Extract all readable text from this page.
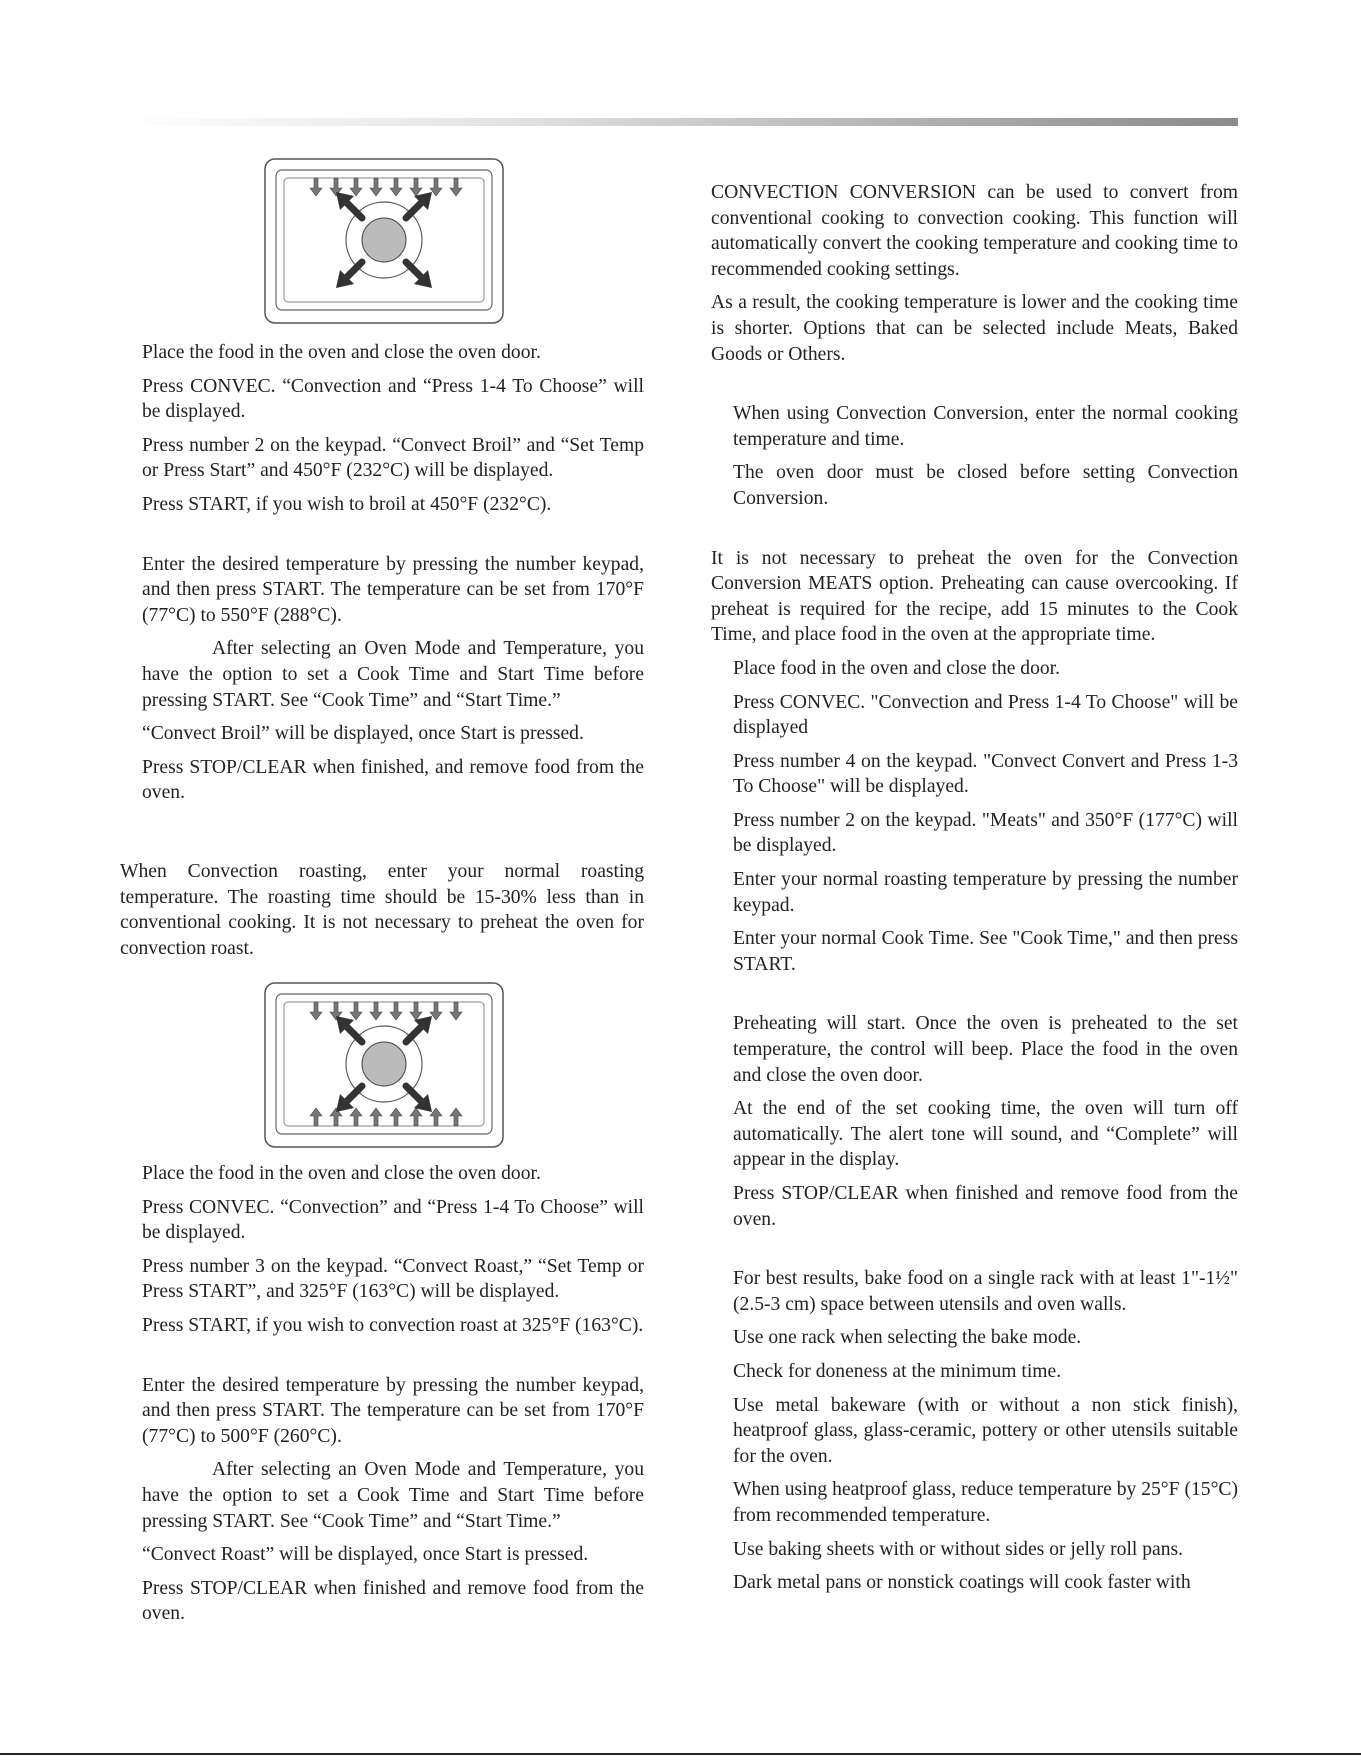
Place the food in the oven and close the oven door.

Press CONVEC. “Convection and “Press 1-4 To Choose” will be displayed.

Press number 2 on the keypad. “Convect Broil” and “Set Temp or Press Start” and 450°F (232°C) will be displayed.

Press START, if you wish to broil at 450°F (232°C).

Enter the desired temperature by pressing the number keypad, and then press START. The temperature can be set from 170°F (77°C) to 550°F (288°C).

After selecting an Oven Mode and Temperature, you have the option to set a Cook Time and Start Time before pressing START. See “Cook Time” and “Start Time.”

“Convect Broil” will be displayed, once Start is pressed.

Press STOP/CLEAR when finished, and remove food from the oven.

When Convection roasting, enter your normal roasting temperature. The roasting time should be 15-30% less than in conventional cooking. It is not necessary to preheat the oven for convection roast.

Place the food in the oven and close the oven door.

Press CONVEC. “Convection” and “Press 1-4 To Choose” will be displayed.

Press number 3 on the keypad. “Convect Roast,” “Set Temp or Press START”, and 325°F (163°C) will be displayed.

Press START, if you wish to convection roast at 325°F (163°C).

Enter the desired temperature by pressing the number keypad, and then press START. The temperature can be set from 170°F (77°C) to 500°F (260°C).

After selecting an Oven Mode and Temperature, you have the option to set a Cook Time and Start Time before pressing START. See “Cook Time” and “Start Time.”

“Convect Roast” will be displayed, once Start is pressed.

Press STOP/CLEAR when finished and remove food from the oven.

CONVECTION CONVERSION can be used to convert from conventional cooking to convection cooking. This function will automatically convert the cooking temperature and cooking time to recommended cooking settings.

As a result, the cooking temperature is lower and the cooking time is shorter. Options that can be selected include Meats, Baked Goods or Others.

When using Convection Conversion, enter the normal cooking temperature and time.

The oven door must be closed before setting Convection Conversion.

It is not necessary to preheat the oven for the Convection Conversion MEATS option. Preheating can cause overcooking. If preheat is required for the recipe, add 15 minutes to the Cook Time, and place food in the oven at the appropriate time.

Place food in the oven and close the door.

Press CONVEC. "Convection and Press 1-4 To Choose" will be displayed

Press number 4 on the keypad. "Convect Convert and Press 1-3 To Choose" will be displayed.

Press number 2 on the keypad. "Meats" and 350°F (177°C) will be displayed.

Enter your normal roasting temperature by pressing the number keypad.

Enter your normal Cook Time. See "Cook Time," and then press START.

Preheating will start. Once the oven is preheated to the set temperature, the control will beep. Place the food in the oven and close the oven door.

At the end of the set cooking time, the oven will turn off automatically. The alert tone will sound, and “Complete” will appear in the display.

Press STOP/CLEAR when finished and remove food from the oven.

For best results, bake food on a single rack with at least 1"-1½" (2.5-3 cm) space between utensils and oven walls.

Use one rack when selecting the bake mode.

Check for doneness at the minimum time.

Use metal bakeware (with or without a non stick finish), heatproof glass, glass-ceramic, pottery or other utensils suitable for the oven.

When using heatproof glass, reduce temperature by 25°F (15°C) from recommended temperature.

Use baking sheets with or without sides or jelly roll pans.

Dark metal pans or nonstick coatings will cook faster with
